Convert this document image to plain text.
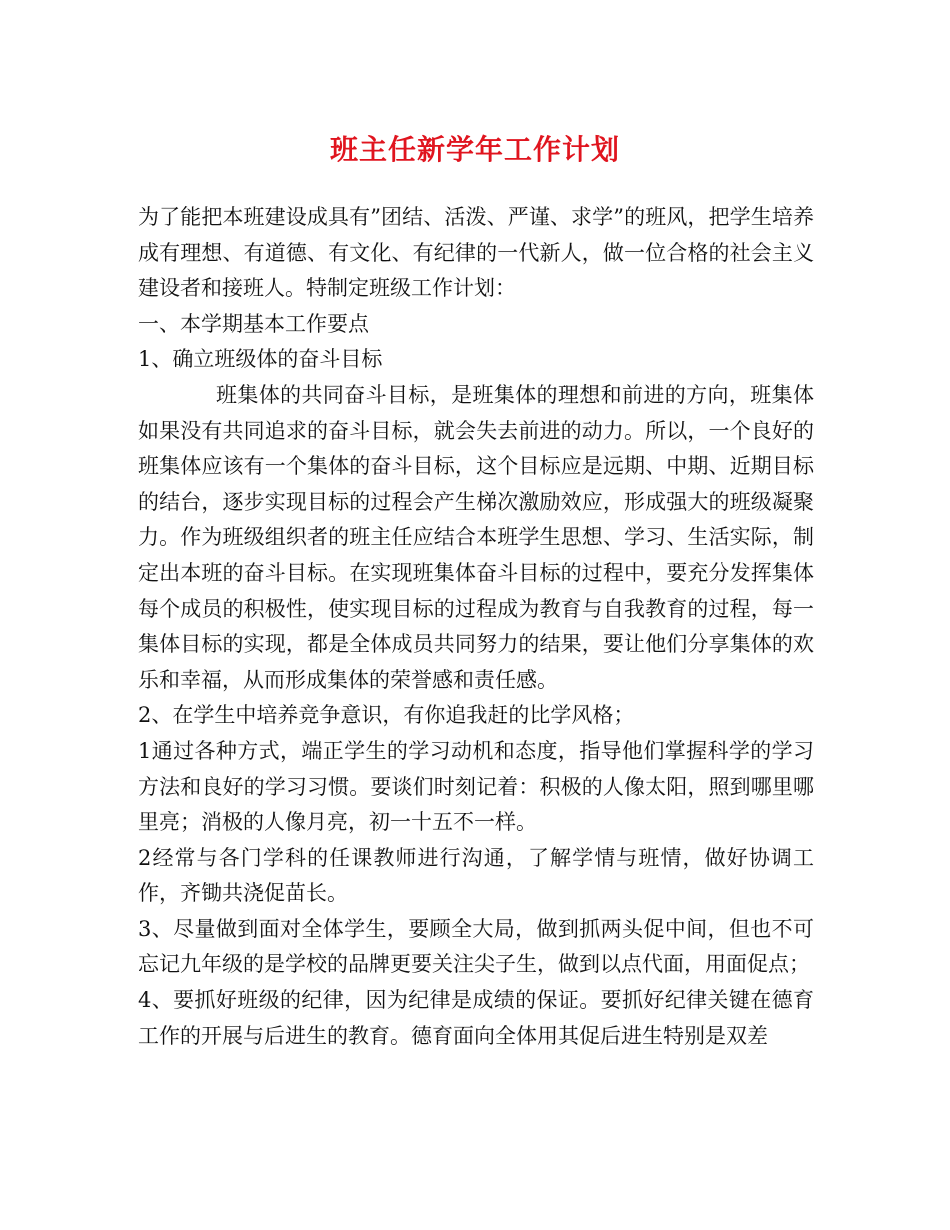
班主任新学年工作计划

为了能把本班建设成具有”团结、活泼、严谨、求学”的班风，把学生培养成有理想、有道德、有文化、有纪律的一代新人，做一位合格的社会主义建设者和接班人。特制定班级工作计划：

一、本学期基本工作要点

1、确立班级体的奋斗目标

班集体的共同奋斗目标，是班集体的理想和前进的方向，班集体如果没有共同追求的奋斗目标，就会失去前进的动力。所以，一个良好的班集体应该有一个集体的奋斗目标，这个目标应是远期、中期、近期目标的结台，逐步实现目标的过程会产生梯次激励效应，形成强大的班级凝聚力。作为班级组织者的班主任应结合本班学生思想、学习、生活实际，制定出本班的奋斗目标。在实现班集体奋斗目标的过程中，要充分发挥集体每个成员的积极性，使实现目标的过程成为教育与自我教育的过程，每一集体目标的实现，都是全体成员共同努力的结果，要让他们分享集体的欢乐和幸福，从而形成集体的荣誉感和责任感。

2、在学生中培养竞争意识，有你追我赶的比学风格；

1通过各种方式，端正学生的学习动机和态度，指导他们掌握科学的学习方法和良好的学习习惯。要谈们时刻记着：积极的人像太阳，照到哪里哪里亮；消极的人像月亮，初一十五不一样。

2经常与各门学科的任课教师进行沟通，了解学情与班情，做好协调工作，齐锄共浇促苗长。

3、尽量做到面对全体学生，要顾全大局，做到抓两头促中间，但也不可忘记九年级的是学校的品牌更要关注尖子生，做到以点代面，用面促点；

4、要抓好班级的纪律，因为纪律是成绩的保证。要抓好纪律关键在德育工作的开展与后进生的教育。德育面向全体用其促后进生特别是双差
